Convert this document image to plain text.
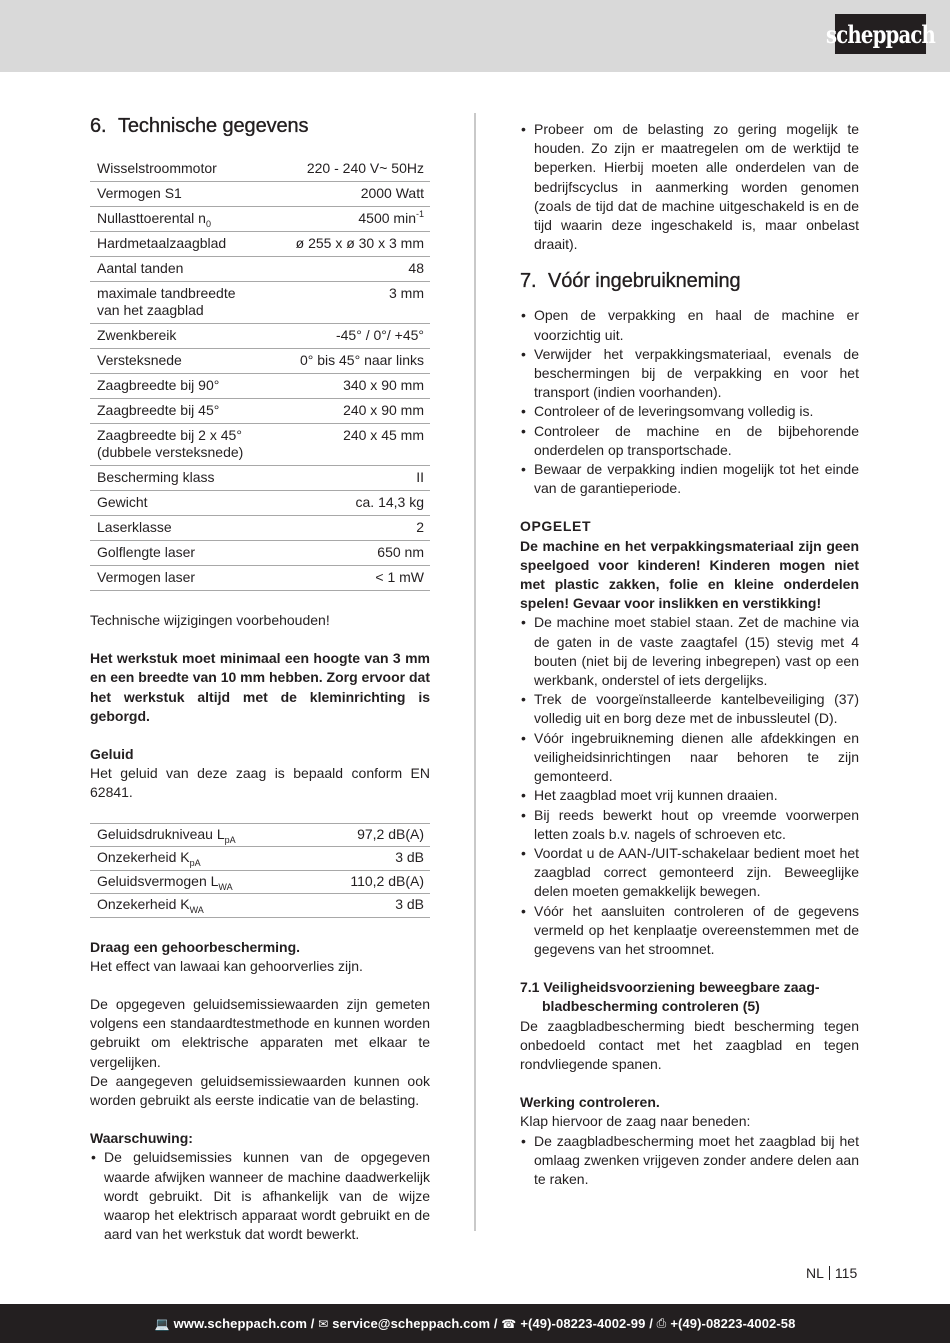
scheppach
6. Technische gegevens
Wisselstroommotor	220 - 240 V~ 50Hz
Vermogen S1	2000 Watt
Nullasttoerental $n_0$	4500 $\min^{-1}$
Hardmetaalzaagblad	ø 255 x ø 30 x 3 mm
Aantal tanden	48
maximale tandbreedte
van het zaagblad	3 mm
Zwenkbereik	-45° / 0°/ +45°
Versteksnede	0° bis 45° naar links
Zaagbreedte bij 90°	340 x 90 mm
Zaagbreedte bij 45°	240 x 90 mm
Zaagbreedte bij 2 x 45°
(dubbele versteksnede)	240 x 45 mm
Bescherming klass	II
Gewicht	ca. 14,3 kg
Laserklasse	2
Golflengte laser	650 nm
Vermogen laser	< 1 mW

Technische wijzigingen voorbehouden!

Het werkstuk moet minimaal een hoogte van 3 mm en een breedte van 10 mm hebben. Zorg ervoor dat het werkstuk altijd met de kleminrichting is geborgd.

Geluid

Het geluid van deze zaag is bepaald conform EN 62841.

Geluidsdrukniveau $L_{pA}$	97,2 dB(A)
Onzekerheid $K_{pA}$	3 dB
Geluidsvermogen $L_{WA}$	110,2 dB(A)
Onzekerheid $K_{WA}$	3 dB

Draag een gehoorbescherming.

Het effect van lawaai kan gehoorverlies zijn.

De opgegeven geluidsemissiewaarden zijn gemeten volgens een standaardtestmethode en kunnen worden gebruikt om elektrische apparaten met elkaar te vergelijken.

De aangegeven geluidsemissiewaarden kunnen ook worden gebruikt als eerste indicatie van de belasting.

Waarschuwing:

• De geluidsemissies kunnen van de opgegeven waarde afwijken wanneer de machine daadwerkelijk wordt gebruikt. Dit is afhankelijk van de wijze waarop het elektrisch apparaat wordt gebruikt en de aard van het werkstuk dat wordt bewerkt.
• Probeer om de belasting zo gering mogelijk te houden. Zo zijn er maatregelen om de werktijd te beperken. Hierbij moeten alle onderdelen van de bedrijfscyclus in aanmerking worden genomen (zoals de tijd dat de machine uitgeschakeld is en de tijd waarin deze ingeschakeld is, maar onbelast draait).
7. Vóór ingebruikneming
• Open de verpakking en haal de machine er voorzichtig uit.
• Verwijder het verpakkingsmateriaal, evenals de beschermingen bij de verpakking en voor het transport (indien voorhanden).
• Controleer of de leveringsomvang volledig is.
• Controleer de machine en de bijbehorende onderdelen op transportschade.
• Bewaar de verpakking indien mogelijk tot het einde van de garantieperiode.

OPGELET

De machine en het verpakkingsmateriaal zijn geen speelgoed voor kinderen! Kinderen mogen niet met plastic zakken, folie en kleine onderdelen spelen! Gevaar voor inslikken en verstikking!

• De machine moet stabiel staan. Zet de machine via de gaten in de vaste zaagtafel (15) stevig met 4 bouten (niet bij de levering inbegrepen) vast op een werkbank, onderstel of iets dergelijks.
• Trek de voorgeïnstalleerde kantelbeveiliging (37) volledig uit en borg deze met de inbussleutel (D).
• Vóór ingebruikneming dienen alle afdekkingen en veiligheidsinrichtingen naar behoren te zijn gemonteerd.
• Het zaagblad moet vrij kunnen draaien.
• Bij reeds bewerkt hout op vreemde voorwerpen letten zoals b.v. nagels of schroeven etc.
• Voordat u de AAN-/UIT-schakelaar bedient moet het zaagblad correct gemonteerd zijn. Beweeglijke delen moeten gemakkelijk bewegen.
• Vóór het aansluiten controleren of de gegevens vermeld op het kenplaatje overeenstemmen met de gegevens van het stroomnet.

7.1 Veiligheidsvoorziening beweegbare zaag-
bladbescherming controleren (5)

De zaagbladbescherming biedt bescherming tegen onbedoeld contact met het zaagblad en tegen rondvliegende spanen.

Werking controleren.

Klap hiervoor de zaag naar beneden:

• De zaagbladbescherming moet het zaagblad bij het omlaag zwenken vrijgeven zonder andere delen aan te raken.
NL 115
💻 www.scheppach.com / ✉ service@scheppach.com / ☎ +(49)-08223-4002-99 / ⎙ +(49)-08223-4002-58
